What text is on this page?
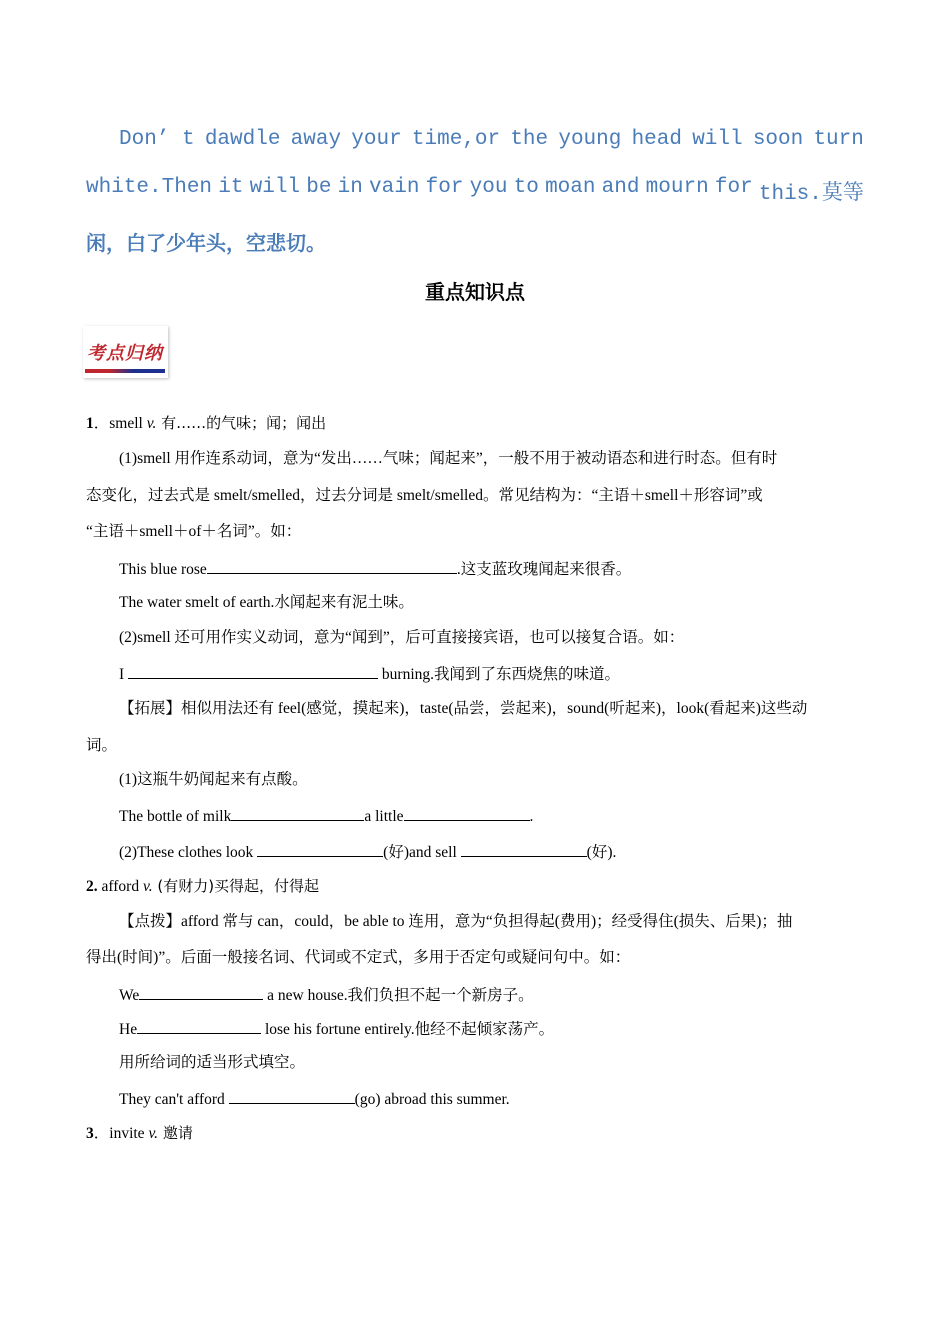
Don’ t dawdle away your time,or the young head will soon turn
white.Then it will be in vain for you to moan and mourn for this.莫等
闲，白了少年头，空悲切。
重点知识点
考点归纳
1．smell v. 有……的气味；闻；闻出
(1)smell 用作连系动词，意为“发出……气味；闻起来”，一般不用于被动语态和进行时态。但有时
态变化，过去式是 smelt/smelled，过去分词是 smelt/smelled。常见结构为：“主语＋smell＋形容词”或
“主语＋smell＋of＋名词”。如：
This blue rose	.这支蓝玫瑰闻起来很香。
The water smelt of earth.水闻起来有泥土味。
(2)smell 还可用作实义动词，意为“闻到”，后可直接接宾语，也可以接复合语。如：
I	burning.我闻到了东西烧焦的味道。
【拓展】相似用法还有 feel(感觉，摸起来)，taste(品尝，尝起来)，sound(听起来)，look(看起来)这些动
词。
(1)这瓶牛奶闻起来有点酸。
The bottle of milk	a little	.
(2)These clothes look	(好)and sell	(好).
2. afford v. (有财力)买得起，付得起
【点拨】afford 常与 can，could，be able to 连用，意为“负担得起(费用)；经受得住(损失、后果)；抽
得出(时间)”。后面一般接名词、代词或不定式，多用于否定句或疑问句中。如：
We	a new house.我们负担不起一个新房子。
He	lose his fortune entirely.他经不起倾家荡产。
用所给词的适当形式填空。
They can't afford	(go) abroad this summer.
3．invite v. 邀请
